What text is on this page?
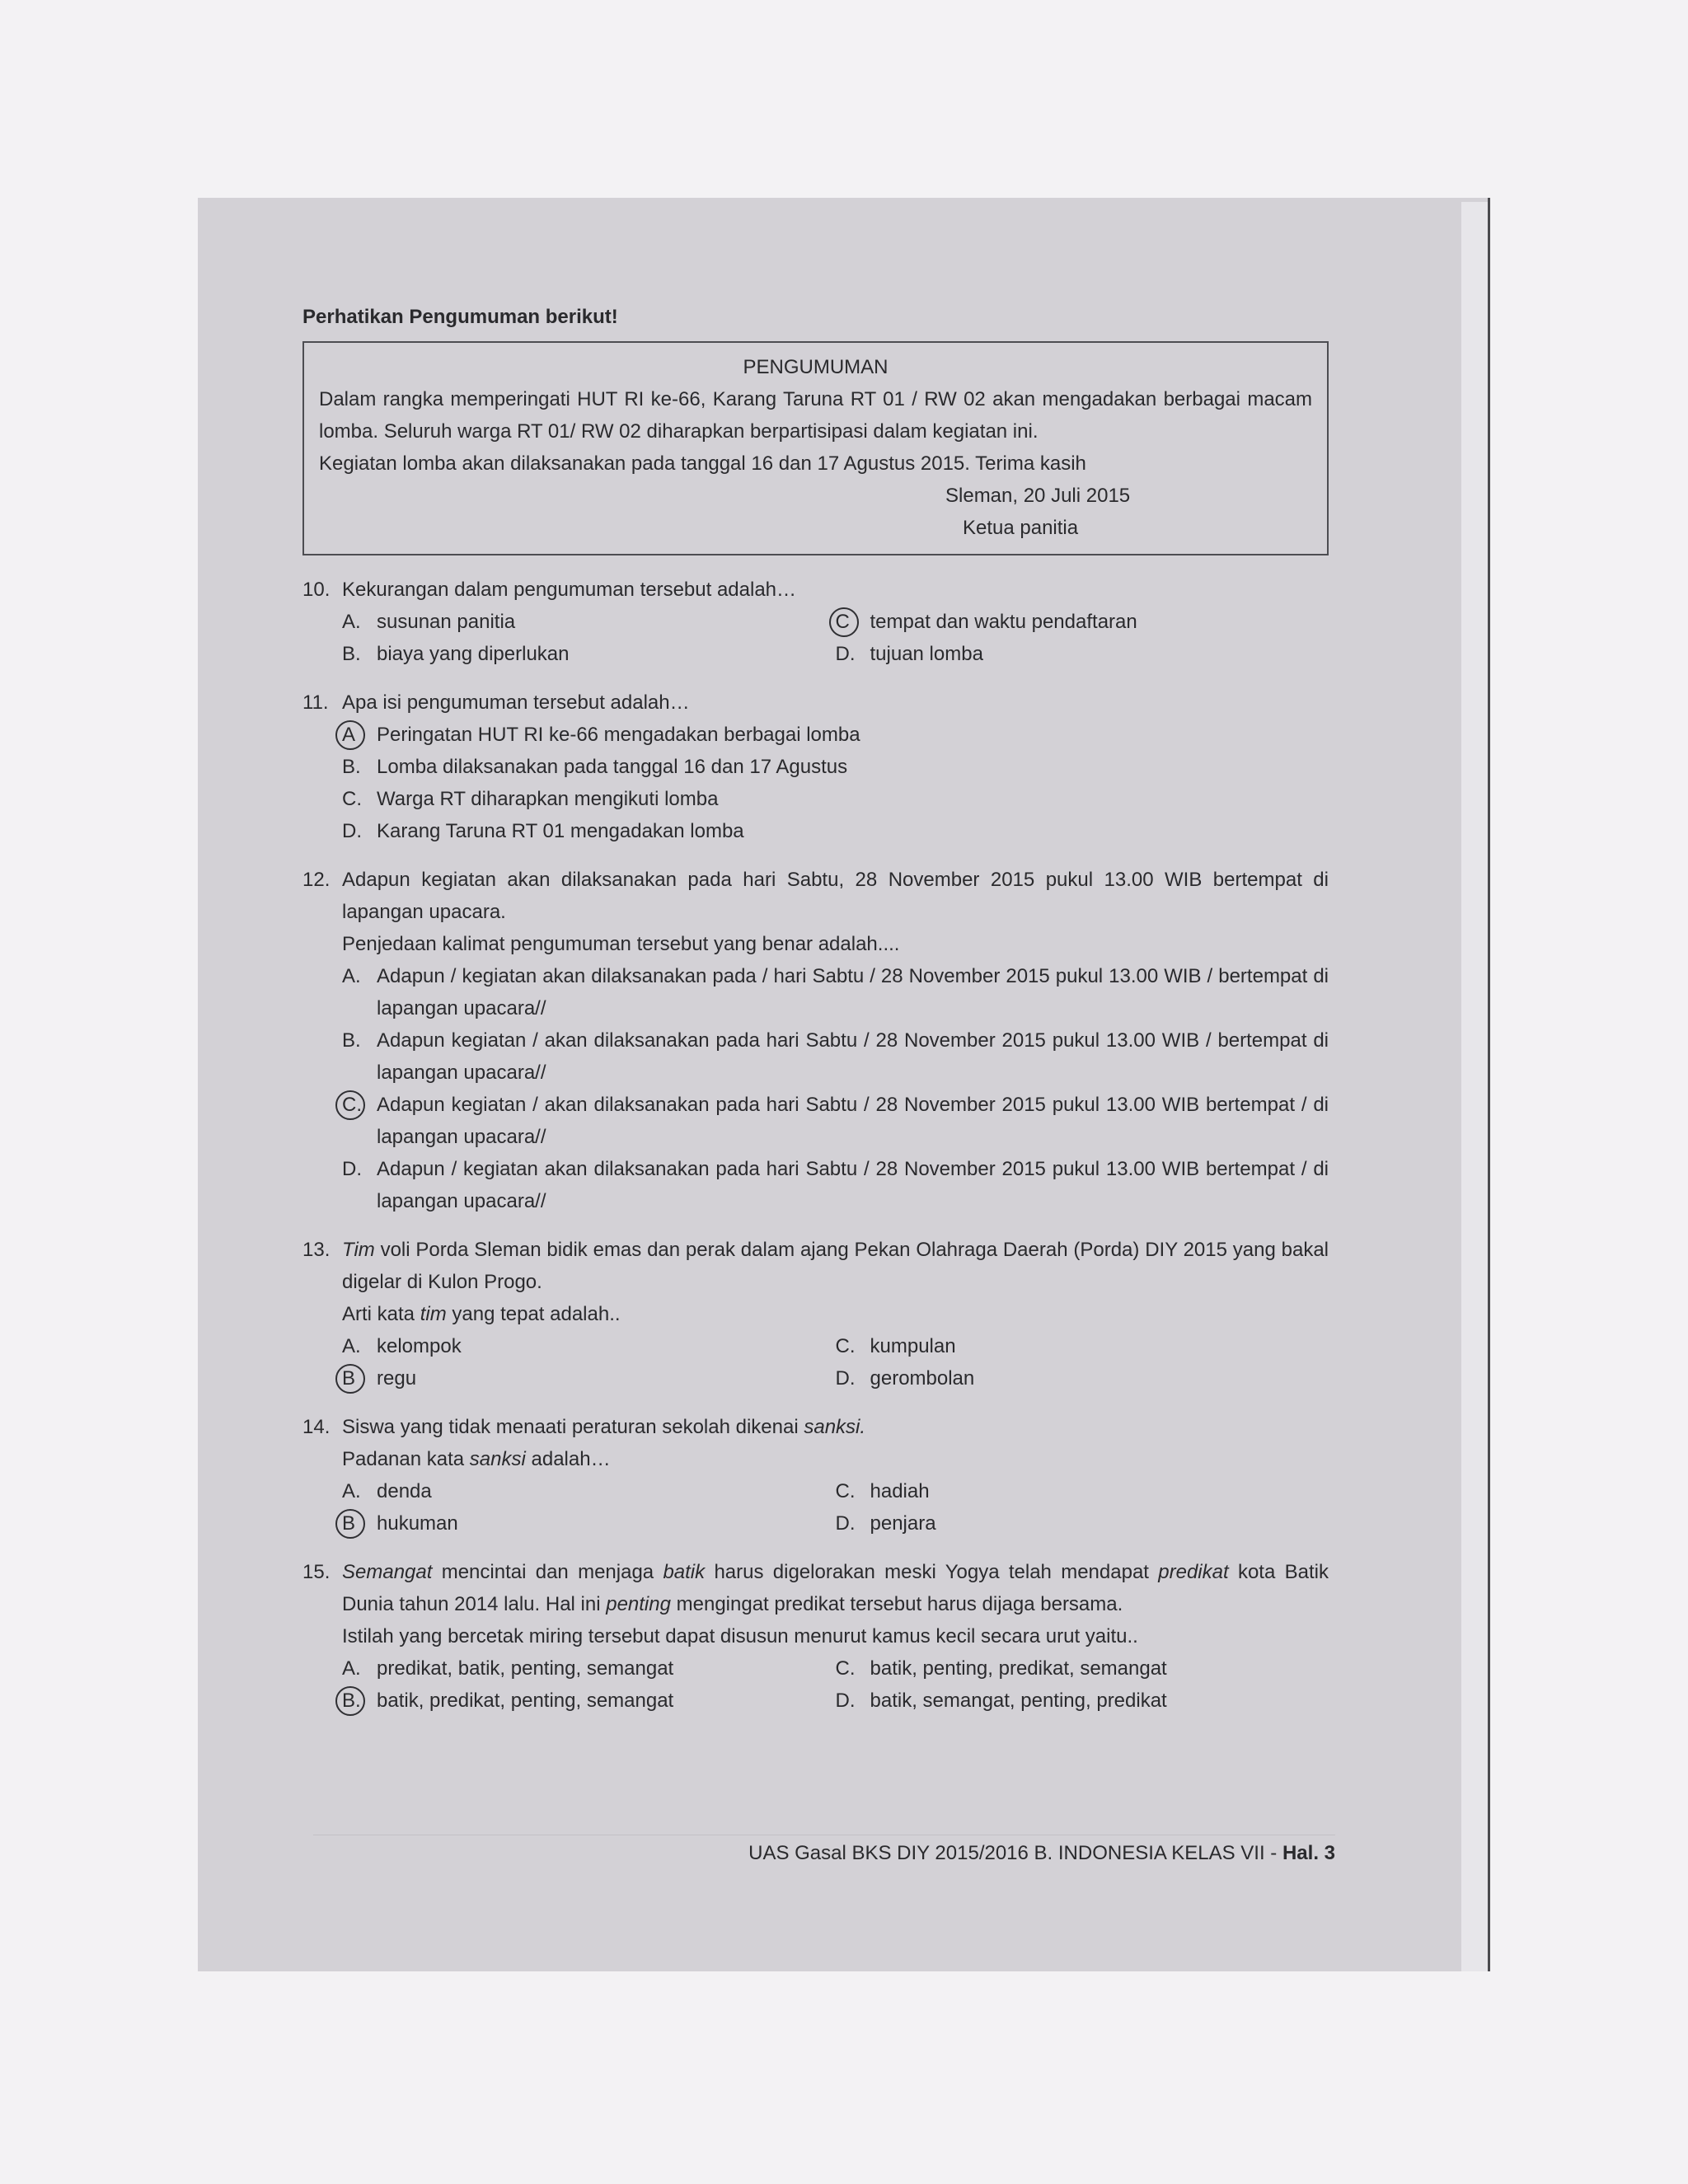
Perhatikan Pengumuman berikut!
PENGUMUMAN

Dalam rangka memperingati HUT RI ke-66, Karang Taruna RT 01 / RW 02 akan mengadakan berbagai macam lomba. Seluruh warga RT 01/ RW 02 diharapkan berpartisipasi dalam kegiatan ini.

Kegiatan lomba akan dilaksanakan pada tanggal 16 dan 17 Agustus 2015. Terima kasih

Sleman, 20 Juli 2015

Ketua panitia

10. Kekurangan dalam pengumuman tersebut adalah…
A. susunan panitia	C	tempat dan waktu pendaftaran
B. biaya yang diperlukan	D. tujuan lomba
11. Apa isi pengumuman tersebut adalah…
A	Peringatan HUT RI ke-66 mengadakan berbagai lomba
B. Lomba dilaksanakan pada tanggal 16 dan 17 Agustus
C. Warga RT diharapkan mengikuti lomba
D. Karang Taruna RT 01 mengadakan lomba
12. Adapun kegiatan akan dilaksanakan pada hari Sabtu, 28 November 2015 pukul 13.00 WIB bertempat di lapangan upacara.
Penjedaan kalimat pengumuman tersebut yang benar adalah....
A. Adapun / kegiatan akan dilaksanakan pada / hari Sabtu / 28 November 2015 pukul 13.00 WIB / bertempat di lapangan upacara//
B. Adapun kegiatan / akan dilaksanakan pada hari Sabtu / 28 November 2015 pukul 13.00 WIB / bertempat di lapangan upacara//
C. Adapun kegiatan / akan dilaksanakan pada hari Sabtu / 28 November 2015 pukul 13.00 WIB bertempat / di lapangan upacara//
D. Adapun / kegiatan akan dilaksanakan pada hari Sabtu / 28 November 2015 pukul 13.00 WIB bertempat / di lapangan upacara//
13. Tim voli Porda Sleman bidik emas dan perak dalam ajang Pekan Olahraga Daerah (Porda) DIY 2015 yang bakal digelar di Kulon Progo.
Arti kata tim yang tepat adalah..
A. kelompok	C. kumpulan
B	regu	D. gerombolan
14. Siswa yang tidak menaati peraturan sekolah dikenai sanksi.
Padanan kata sanksi adalah…
A. denda	C. hadiah
B	hukuman	D. penjara
15. Semangat mencintai dan menjaga batik harus digelorakan meski Yogya telah mendapat predikat kota Batik Dunia tahun 2014 lalu. Hal ini penting mengingat predikat tersebut harus dijaga bersama.
Istilah yang bercetak miring tersebut dapat disusun menurut kamus kecil secara urut yaitu..
A. predikat, batik, penting, semangat	C. batik, penting, predikat, semangat
B. batik, predikat, penting, semangat	D. batik, semangat, penting, predikat
UAS Gasal BKS DIY 2015/2016 B. INDONESIA KELAS VII - Hal. 3
